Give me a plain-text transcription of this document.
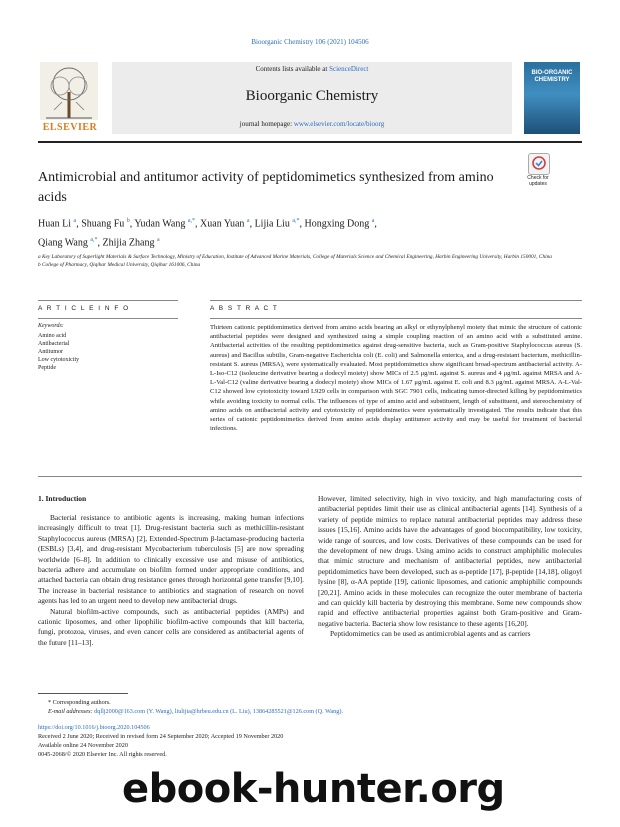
Bioorganic Chemistry 106 (2021) 104506
ELSEVIER
Contents lists available at ScienceDirect
Bioorganic Chemistry
journal homepage: www.elsevier.com/locate/bioorg
BIO-ORGANIC CHEMISTRY
Check for updates
Antimicrobial and antitumor activity of peptidomimetics synthesized from amino acids
Huan Li $^a$, Shuang Fu $^b$, Yudan Wang $^{a,*}$, Xuan Yuan $^a$, Lijia Liu $^{a,*}$, Hongxing Dong $^a$,
Qiang Wang $^{a,*}$, Zhijia Zhang $^a$
a Key Laboratory of Superlight Materials & Surface Technology, Ministry of Education, Institute of Advanced Marine Materials, College of Materials Science and Chemical Engineering, Harbin Engineering University, Harbin 150001, China
b College of Pharmacy, Qiqihar Medical University, Qiqihar 161006, China
A R T I C L E I N F O	A B S T R A C T
Keywords:
Amino acid
Antibacterial
Antitumor
Low cytotoxicity
Peptide
Thirteen cationic peptidomimetics derived from amino acids bearing an alkyl or ethynylphenyl moiety that mimic the structure of cationic antibacterial peptides were designed and synthesized using a simple coupling reaction of an amino acid with a substituted amine. Antibacterial activities of the resulting peptidomimetics against drug-sensitive bacteria, such as Gram-positive Staphylococcus aureus (S. aureus) and Bacillus subtilis, Gram-negative Escherichia coli (E. coli) and Salmonella enterica, and a drug-resistant bacterium, methicillin-resistant S. aureus (MRSA), were systematically evaluated. Most peptidomimetics show significant broad-spectrum antibacterial activity. A-L-Iso-C12 (isoleucine derivative bearing a dodecyl moiety) show MICs of 2.5 μg/mL against S. aureus and 4 μg/mL against MRSA and A-L-Val-C12 (valine derivative bearing a dodecyl moiety) show MICs of 1.67 μg/mL against E. coli and 8.3 μg/mL against MRSA. A-L-Val-C12 showed low cytotoxicity toward L929 cells in comparison with SGC 7901 cells, indicating tumor-directed killing by peptidomimetics while avoiding toxicity to normal cells. The influences of type of amino acid and substituent, length of substituent, and stereochemistry of amino acids on antibacterial activity and cytotoxicity of peptidomimetics were systematically investigated. The results indicate that this series of cationic peptidomimetics derived from amino acids display antitumor activity and may be useful for treatment of bacterial infections.
1. Introduction

Bacterial resistance to antibiotic agents is increasing, making human infections increasingly difficult to treat [1]. Drug-resistant bacteria such as methicillin-resistant Staphylococcus aureus (MRSA) [2], Extended-Spectrum β-lactamase-producing bacteria (ESBLs) [3,4], and drug-resistant Mycobacterium tuberculosis [5] are now spreading worldwide [6–8]. In addition to clinically excessive use and misuse of antibiotics, bacteria adhere and accumulate on biofilm formed under appropriate conditions, and attached bacteria can obtain drug resistance genes through horizontal gene transfer [9,10]. The increase in bacterial resistance to antibiotics and stagnation of research on novel agents has led to an urgent need to develop new antibacterial drugs.

Natural biofilm-active compounds, such as antibacterial peptides (AMPs) and cationic liposomes, and other lipophilic biofilm-active compounds that kill bacteria, fungi, protozoa, viruses, and even cancer cells are considered as antibacterial agents of the future [11–13].

However, limited selectivity, high in vivo toxicity, and high manufacturing costs of antibacterial peptides limit their use as clinical antibacterial agents [14]. Synthesis of a variety of peptide mimics to replace natural antibacterial peptides may address these issues [15,16]. Amino acids have the advantages of good biocompatibility, low toxicity, wide range of sources, and low costs. Derivatives of these compounds can be used for the development of new drugs. Using amino acids to construct amphiphilic molecules that mimic structure and mechanism of antibacterial peptides, new antibacterial peptidomimetics have been developed, such as α-peptide [17], β-peptide [14,18], oligoyl lysine [8], α-AA peptide [19], cationic liposomes, and cationic amphiphilic compounds [20,21]. Amino acids in these molecules can recognize the outer membrane of bacteria and can quickly kill bacteria by destroying this membrane. Some new compounds show rapid and effective antibacterial properties against both Gram-positive and Gram-negative bacteria. Bacteria show low resistance to these agents [16,20].

Peptidomimetics can be used as antimicrobial agents and as carriers

* Corresponding authors.
E-mail addresses: dqllj2000@163.com (Y. Wang), liulijia@hrbeu.edu.cn (L. Liu), 13864285521@126.com (Q. Wang).
https://doi.org/10.1016/j.bioorg.2020.104506
Received 2 June 2020; Received in revised form 24 September 2020; Accepted 19 November 2020
Available online 24 November 2020
0045-2068/© 2020 Elsevier Inc. All rights reserved.
ebook-hunter.org
